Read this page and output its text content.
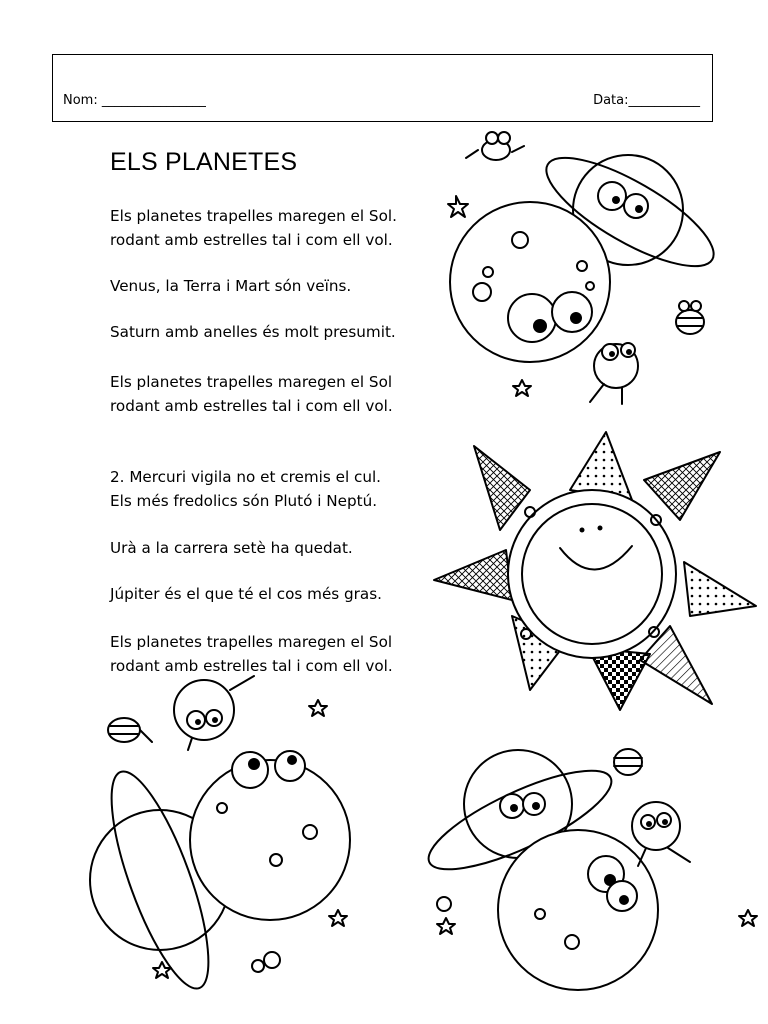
Nom: ________________	Data:___________
ELS PLANETES
Els planetes trapelles maregen el Sol.
rodant amb estrelles tal i com ell vol.
Venus, la Terra i Mart són veïns.
Saturn amb anelles és molt presumit.
Els planetes trapelles maregen el Sol
rodant amb estrelles tal i com ell vol.
2. Mercuri vigila no et cremis el cul.
Els més fredolics són Plutó i Neptú.
Urà a la carrera setè ha quedat.
Júpiter és el que té el cos més gras.
Els planetes trapelles maregen el Sol
rodant amb estrelles tal i com ell vol.
